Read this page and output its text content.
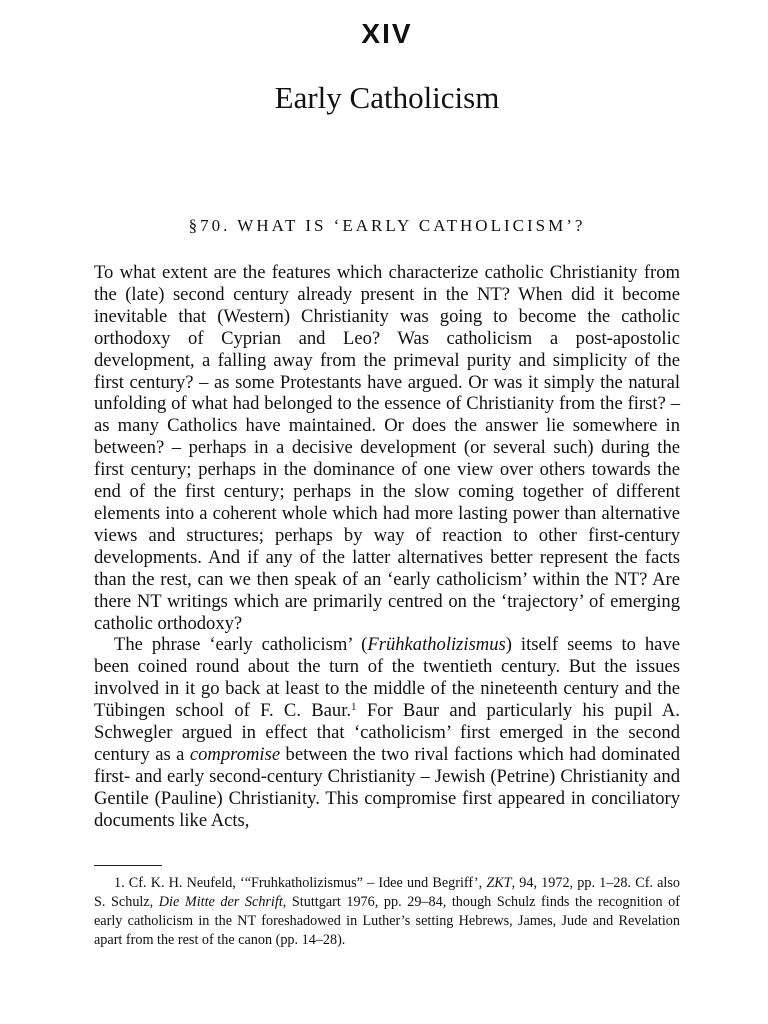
XIV
Early Catholicism
§70. WHAT IS ‘EARLY CATHOLICISM’?

To what extent are the features which characterize catholic Christianity from the (late) second century already present in the NT? When did it become inevitable that (Western) Christianity was going to become the catholic orthodoxy of Cyprian and Leo? Was catholicism a post-apostolic development, a falling away from the primeval purity and simplicity of the first century? – as some Protestants have argued. Or was it simply the natural unfolding of what had belonged to the essence of Christianity from the first? – as many Catholics have maintained. Or does the answer lie somewhere in between? – perhaps in a decisive development (or several such) during the first century; perhaps in the dominance of one view over others towards the end of the first century; perhaps in the slow coming together of different elements into a coherent whole which had more lasting power than alternative views and structures; perhaps by way of reaction to other first-century developments. And if any of the latter alternatives better represent the facts than the rest, can we then speak of an ‘early catholicism’ within the NT? Are there NT writings which are primarily centred on the ‘trajectory’ of emerging catholic orthodoxy?

The phrase ‘early catholicism’ (Frühkatholizismus) itself seems to have been coined round about the turn of the twentieth century. But the issues involved in it go back at least to the middle of the nineteenth century and the Tübingen school of F. C. Baur.$^1$ For Baur and particularly his pupil A. Schwegler argued in effect that ‘catholicism’ first emerged in the second century as a compromise between the two rival factions which had dominated first- and early second-century Christianity – Jewish (Petrine) Christianity and Gentile (Pauline) Christianity. This compromise first appeared in conciliatory documents like Acts,

1. Cf. K. H. Neufeld, ‘“Fruhkatholizismus” – Idee und Begriff’, ZKT, 94, 1972, pp. 1–28. Cf. also S. Schulz, Die Mitte der Schrift, Stuttgart 1976, pp. 29–84, though Schulz finds the recognition of early catholicism in the NT foreshadowed in Luther’s setting Hebrews, James, Jude and Revelation apart from the rest of the canon (pp. 14–28).
